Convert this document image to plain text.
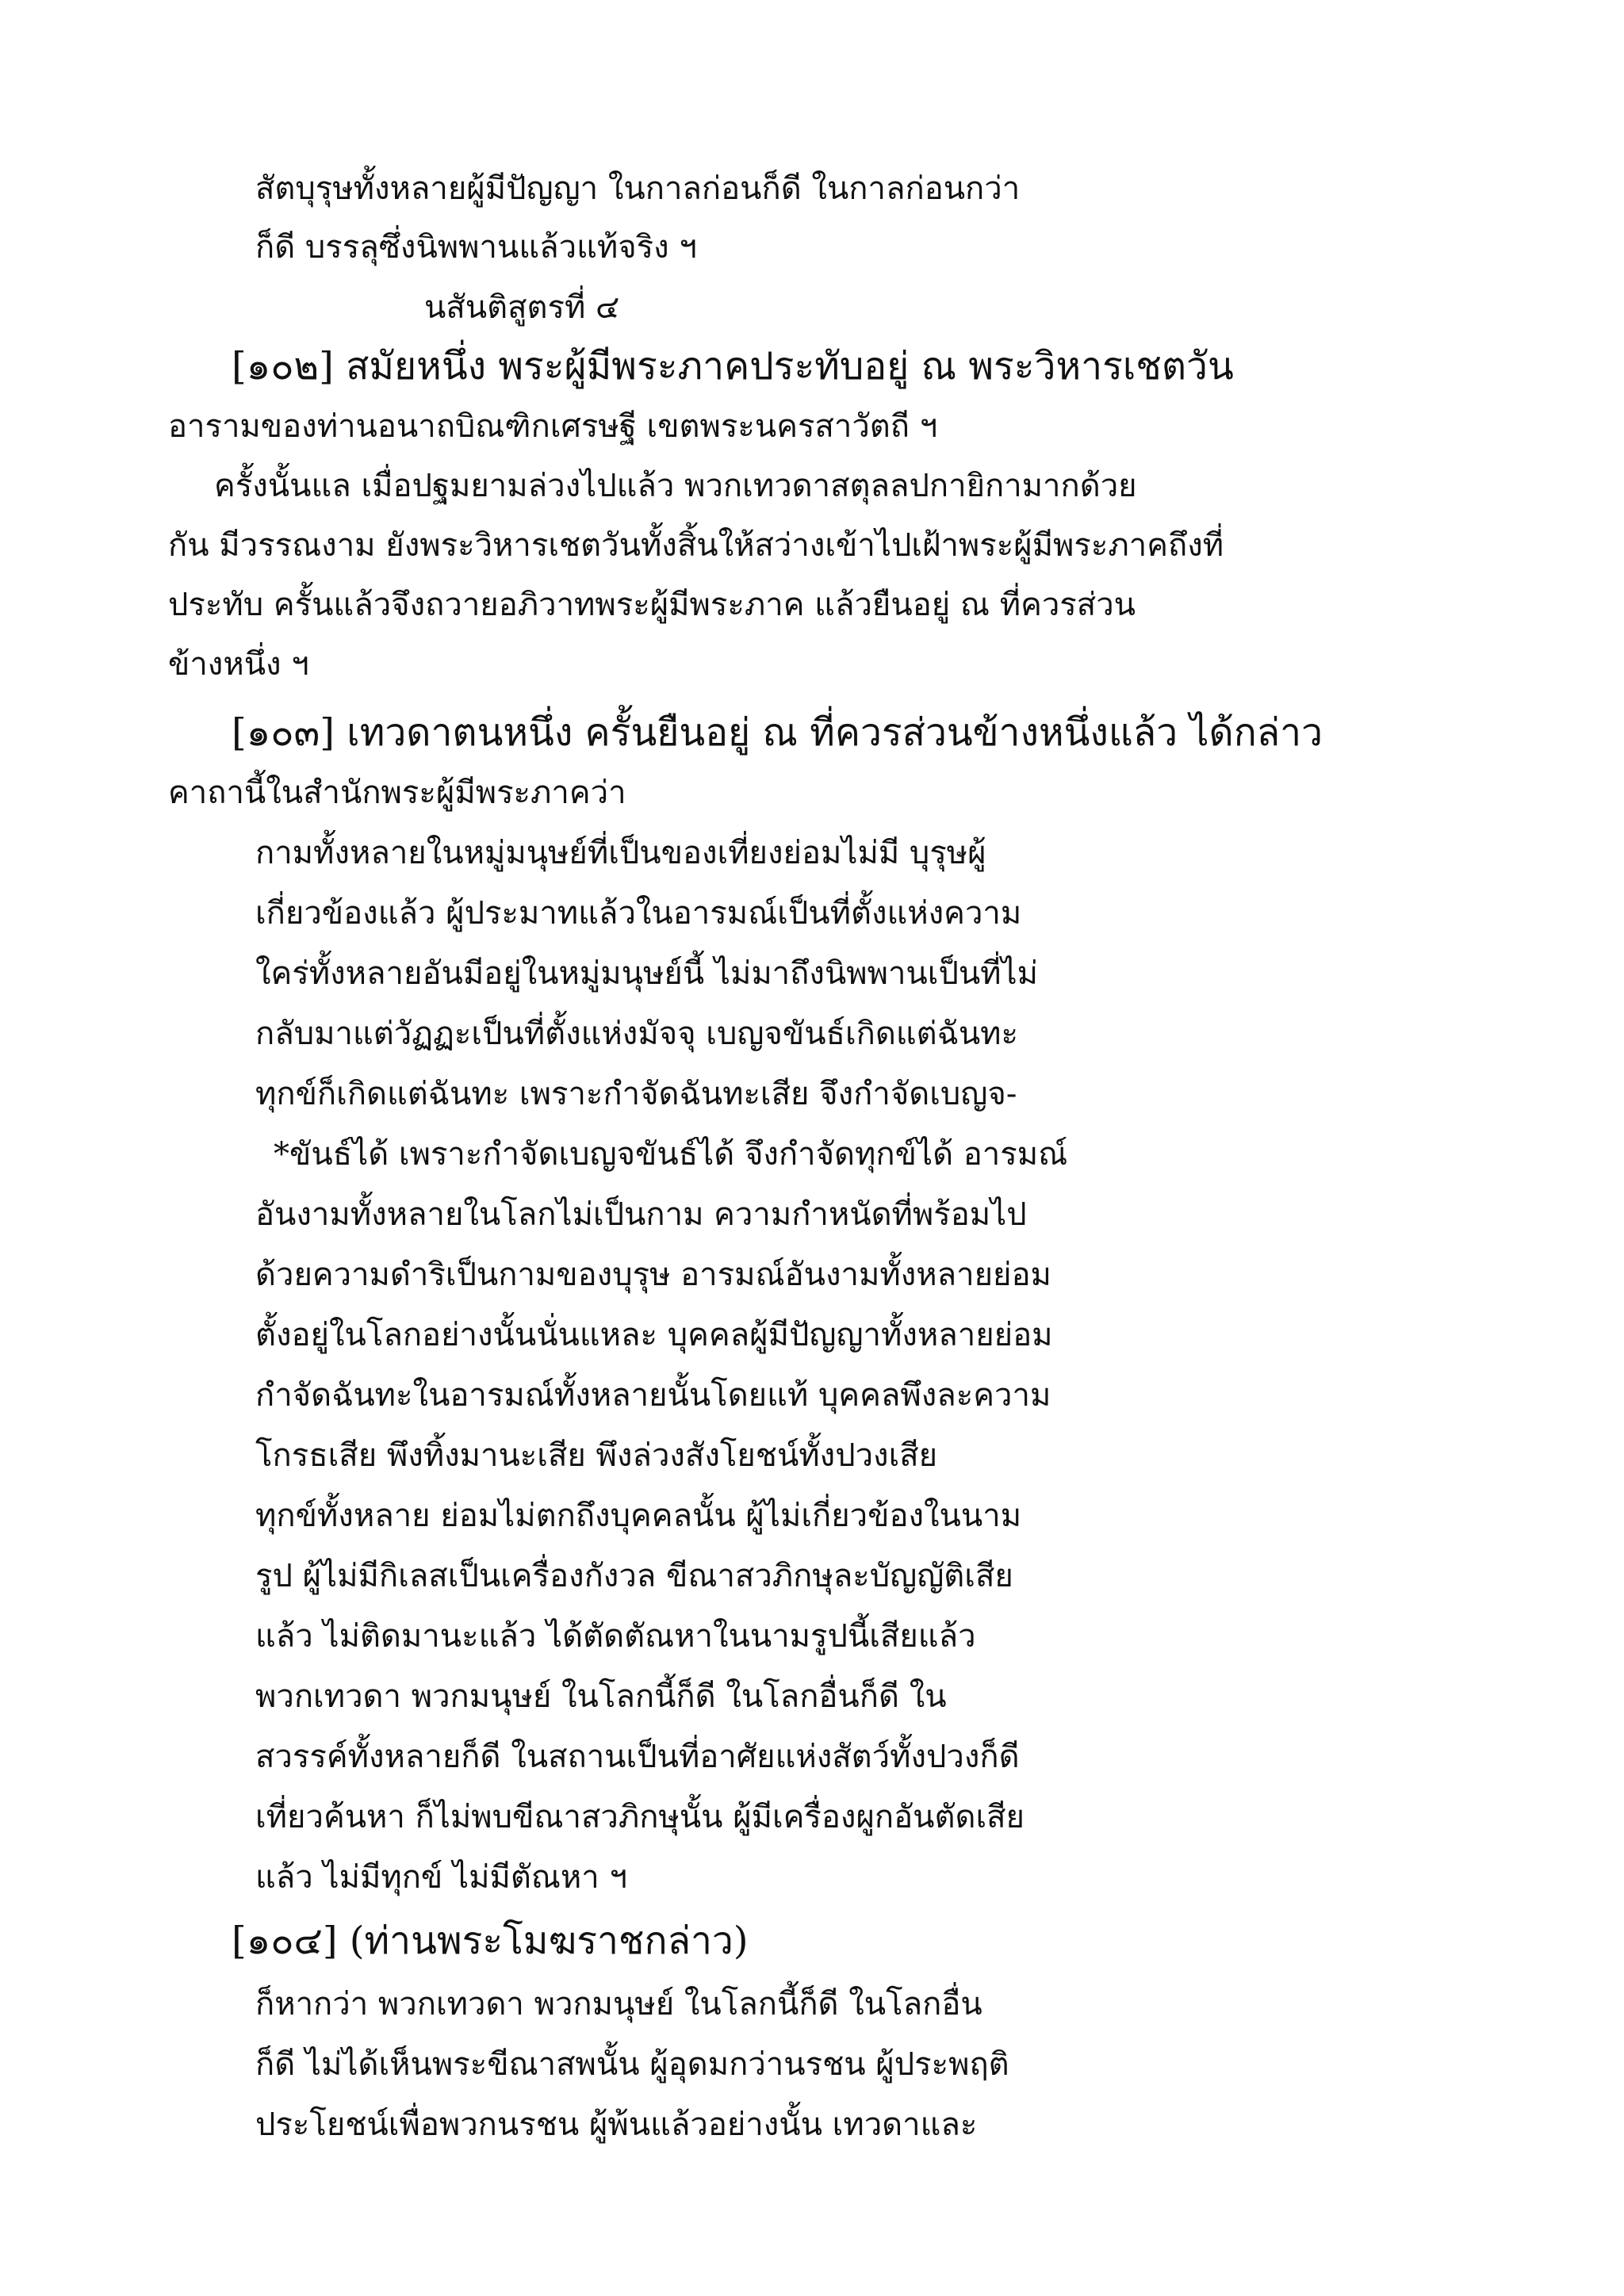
สัตบุรุษทั้งหลายผู้มีปัญญา ในกาลก่อนก็ดี ในกาลก่อนกว่า
ก็ดี บรรลุซึ่งนิพพานแล้วแท้จริง ฯ
นสันติสูตรที่ ๔
[๑๐๒] สมัยหนึ่ง พระผู้มีพระภาคประทับอยู่ ณ พระวิหารเชตวัน
อารามของท่านอนาถบิณฑิกเศรษฐี เขตพระนครสาวัตถี ฯ
ครั้งนั้นแล เมื่อปฐมยามล่วงไปแล้ว พวกเทวดาสตุลลปกายิกามากด้วย
กัน มีวรรณงาม ยังพระวิหารเชตวันทั้งสิ้นให้สว่างเข้าไปเฝ้าพระผู้มีพระภาคถึงที่
ประทับ ครั้นแล้วจึงถวายอภิวาทพระผู้มีพระภาค แล้วยืนอยู่ ณ ที่ควรส่วน
ข้างหนึ่ง ฯ
[๑๐๓] เทวดาตนหนึ่ง ครั้นยืนอยู่ ณ ที่ควรส่วนข้างหนึ่งแล้ว ได้กล่าว
คาถานี้ในสำนักพระผู้มีพระภาคว่า
กามทั้งหลายในหมู่มนุษย์ที่เป็นของเที่ยงย่อมไม่มี บุรุษผู้
เกี่ยวข้องแล้ว ผู้ประมาทแล้วในอารมณ์เป็นที่ตั้งแห่งความ
ใคร่ทั้งหลายอันมีอยู่ในหมู่มนุษย์นี้ ไม่มาถึงนิพพานเป็นที่ไม่
กลับมาแต่วัฏฏะเป็นที่ตั้งแห่งมัจจุ เบญจขันธ์เกิดแต่ฉันทะ
ทุกข์ก็เกิดแต่ฉันทะ เพราะกำจัดฉันทะเสีย จึงกำจัดเบญจ-
*ขันธ์ได้ เพราะกำจัดเบญจขันธ์ได้ จึงกำจัดทุกข์ได้ อารมณ์
อันงามทั้งหลายในโลกไม่เป็นกาม ความกำหนัดที่พร้อมไป
ด้วยความดำริเป็นกามของบุรุษ อารมณ์อันงามทั้งหลายย่อม
ตั้งอยู่ในโลกอย่างนั้นนั่นแหละ บุคคลผู้มีปัญญาทั้งหลายย่อม
กำจัดฉันทะในอารมณ์ทั้งหลายนั้นโดยแท้ บุคคลพึงละความ
โกรธเสีย พึงทิ้งมานะเสีย พึงล่วงสังโยชน์ทั้งปวงเสีย
ทุกข์ทั้งหลาย ย่อมไม่ตกถึงบุคคลนั้น ผู้ไม่เกี่ยวข้องในนาม
รูป ผู้ไม่มีกิเลสเป็นเครื่องกังวล ขีณาสวภิกษุละบัญญัติเสีย
แล้ว ไม่ติดมานะแล้ว ได้ตัดตัณหาในนามรูปนี้เสียแล้ว
พวกเทวดา พวกมนุษย์ ในโลกนี้ก็ดี ในโลกอื่นก็ดี ใน
สวรรค์ทั้งหลายก็ดี ในสถานเป็นที่อาศัยแห่งสัตว์ทั้งปวงก็ดี
เที่ยวค้นหา ก็ไม่พบขีณาสวภิกษุนั้น ผู้มีเครื่องผูกอันตัดเสีย
แล้ว ไม่มีทุกข์ ไม่มีตัณหา ฯ
[๑๐๔] (ท่านพระโมฆราชกล่าว)
ก็หากว่า พวกเทวดา พวกมนุษย์ ในโลกนี้ก็ดี ในโลกอื่น
ก็ดี ไม่ได้เห็นพระขีณาสพนั้น ผู้อุดมกว่านรชน ผู้ประพฤติ
ประโยชน์เพื่อพวกนรชน ผู้พ้นแล้วอย่างนั้น เทวดาและ
